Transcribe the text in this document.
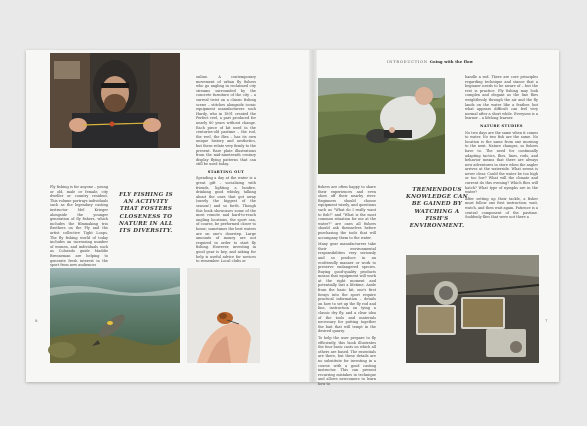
Fly fishing is for anyone – young or old, male or female, city dweller or country resident. This volume portrays individuals such as the legendary casting instructor Mel Krieger alongside the younger generation of fly fishers, which includes the filmmaking trio Brothers on the Fly and the artist collective Tight Loops. The fly fishing world of today includes an increasing number of women, and individuals such as Colorado guide Maddie Brenneman are helping to generate fresh interest in the sport from new audiences

FLY FISHING IS AN ACTIVITY THAT FOSTERS CLOSENESS TO NATURE IN ALL ITS DIVERSITY.

online. A contemporary movement of urban fly fishers who go angling in reclaimed city streams surrounded by the concrete furniture of the city – a surreal twist on a classic fishing scene – stitches alongside iconic equipment manufacturers such Hardy, who in 1891 created the Perfect reel, a part produced for nearly 80 years without change. Each piece of kit used in the centuries-old pastime – the rod, the reel, the flies – has its own unique history and aesthetics, but these relate very firmly to the present. Rare plate illustrations from the mid-nineteenth century display flying patterns that can still be used today.

STARTING OUT

Spending a day at the water is a great gift – socializing with friends, lighting a bonfire, drinking good whisky, talking about the ones that got away (surely the biggest of the season!) and so forth. Though this book showcases some of the most remote and hard-to-reach angling locations, the sport can, of course, be performed closer to home; sometimes the best waters are on one's doorstep. Large amounts of money are not required in order to start fly fishing. However, investing in good gear is key, and asking for help is useful advice for novices to remember. Local clubs or

8
INTRODUCTION Going with the flow
TREMENDOUS KNOWLEDGE CAN BE GAINED BY WATCHING A FISH'S ENVIRONMENT.

fishers are often happy to share their experiences and even show off their nearby river. Beginners should choose equipment wisely, and questions such as "What do I really want to fish?" and "What is the most common situation for me at the water?" are ones all fishers should ask themselves before purchasing the tools that will accompany them to the water.

Many gear manufacturers take their environmental responsibilities very seriously and so produce in an ecofriendly manner or work to preserve endangered species. Buying good-quality products means that equipment will work at the right moment and potentially last a lifetime. Aside from the basic kit, one's first forays into the sport require practical information – details on how to set up the fly rod and line, instruction on tying a classic dry fly, and a clear idea of the tools and materials necessary for putting together the bait that will tempt in the desired quarry.

To help the user prepare to fly efficiently, this book illustrates the four basic casts on which all others are based. The essentials are there, but these details are no substitute for investing in a course with a good casting instructor. This can present recurring mistakes in technique and allows newcomers to learn how to

handle a rod. There are core principles regarding technique and stance that a beginner needs to be aware of – but the rest is practice. Fly fishing may look complex and elegant as the line flies weightlessly through the air and the fly lands on the water like a feather, but what appears difficult can feel very normal after a short while. Everyone is a learner – a lifelong learner.

NATURE STUDIES

No two days are the same when it comes to water. No two fish are the same. No location is the same from one morning to the next. Nature changes, so fishers have to. The need for continually adapting tactics, flies, lines, rods, and behavior means that there are always new adventures in store when the angler arrives at the waterside. What seems is never clear. Could the water be too high or too low? What will the climate and current do this evening? Which flies will hatch? What type of nymphs are in the water?

After setting up their tackle, a fisher must follow one first instruction: wait, watch, and then wait again. Patience is a central component of the pastime. Suddenly flies that were not there a

7
